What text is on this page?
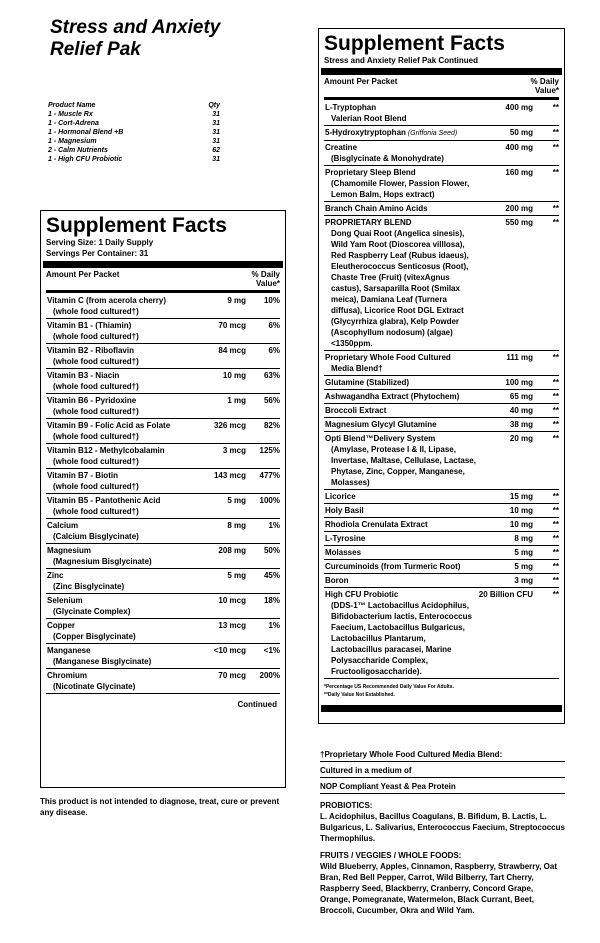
Stress and Anxiety
Relief Pak
Product Name	Qty
1 - Muscle Rx	31
1 - Cort-Adrena	31
1 - Hormonal Blend +B	31
1 - Magnesium	31
2 - Calm Nutrients	62
1 - High CFU Probiotic	31
Supplement Facts
Serving Size: 1 Daily Supply
Servings Per Container: 31
Amount Per Packet	% Daily Value*
Vitamin C (from acerola cherry)
(whole food cultured†)
9 mg	10%
Vitamin B1 - (Thiamin)
(whole food cultured†)
70 mcg	6%
Vitamin B2 - Riboflavin
(whole food cultured†)
84 mcg	6%
Vitamin B3 - Niacin
(whole food cultured†)
10 mg	63%
Vitamin B6 - Pyridoxine
(whole food cultured†)
1 mg	56%
Vitamin B9 - Folic Acid as Folate
(whole food cultured†)
326 mcg	82%
Vitamin B12 - Methylcobalamin
(whole food cultured†)
3 mcg	125%
Vitamin B7 - Biotin
(whole food cultured†)
143 mcg	477%
Vitamin B5 - Pantothenic Acid
(whole food cultured†)
5 mg	100%
Calcium
(Calcium Bisglycinate)
8 mg	1%
Magnesium
(Magnesium Bisglycinate)
208 mg	50%
Zinc
(Zinc Bisglycinate)
5 mg	45%
Selenium
(Glycinate Complex)
10 mcg	18%
Copper
(Copper Bisglycinate)
13 mcg	1%
Manganese
(Manganese Bisglycinate)
<10 mcg	<1%
Chromium
(Nicotinate Glycinate)
70 mcg	200%
Continued
This product is not intended to diagnose, treat, cure or prevent any disease.
Supplement Facts
Stress and Anxiety Relief Pak Continued
Amount Per Packet	% Daily Value*
L-Tryptophan
Valerian Root Blend
400 mg	**
5-Hydroxytryptophan (Griffonia Seed)	50 mg	**
Creatine
(Bisglycinate & Monohydrate)
400 mg	**
Proprietary Sleep Blend
(Chamomile Flower, Passion Flower, Lemon Balm, Hops extract)
160 mg	**
Branch Chain Amino Acids	200 mg	**
PROPRIETARY BLEND
Dong Quai Root (Angelica sinesis), Wild Yam Root (Dioscorea villlosa), Red Raspberry Leaf (Rubus idaeus), Eleutherococcus Senticosus (Root), Chaste Tree (Fruit) (vitexAgnus castus), Sarsaparilla Root (Smilax meica), Damiana Leaf (Turnera diffusa), Licorice Root DGL Extract (Glycyrrhiza glabra), Kelp Powder (Ascophyllum nodosum) (algae) <1350ppm.
550 mg	**
Proprietary Whole Food Cultured
Media Blend†
111 mg	**
Glutamine (Stabilized)	100 mg	**
Ashwagandha Extract (Phytochem)	65 mg	**
Broccoli Extract	40 mg	**
Magnesium Glycyl Glutamine	38 mg	**
Opti Blend™Delivery System
(Amylase, Protease I & II, Lipase, Invertase, Maltase, Cellulase, Lactase, Phytase, Zinc, Copper, Manganese, Molasses)
20 mg	**
Licorice	15 mg	**
Holy Basil	10 mg	**
Rhodiola Crenulata Extract	10 mg	**
L-Tyrosine	8 mg	**
Molasses	5 mg	**
Curcuminoids (from Turmeric Root)	5 mg	**
Boron	3 mg	**
High CFU Probiotic
(DDS-1™ Lactobacillus Acidophilus, Bifidobacterium lactis, Enterococcus Faecium, Lactobacillus Bulgaricus, Lactobacillus Plantarum, Lactobacillus paracasei, Marine Polysaccharide Complex, Fructooligosaccharide).
20 Billion CFU	**
*Percentage US Recommended Daily Value For Adults.
**Daily Value Not Established.
†Proprietary Whole Food Cultured Media Blend:
Cultured in a medium of
NOP Compliant Yeast & Pea Protein
PROBIOTICS:
L. Acidophilus, Bacillus Coagulans, B. Bifidum, B. Lactis, L. Bulgaricus, L. Salivarius, Enterococcus Faecium, Streptococcus Thermophilus.
FRUITS / VEGGIES / WHOLE FOODS:
Wild Blueberry, Apples, Cinnamon, Raspberry, Strawberry, Oat Bran, Red Bell Pepper, Carrot, Wild Bilberry, Tart Cherry, Raspberry Seed, Blackberry, Cranberry, Concord Grape, Orange, Pomegranate, Watermelon, Black Currant, Beet, Broccoli, Cucumber, Okra and Wild Yam.
